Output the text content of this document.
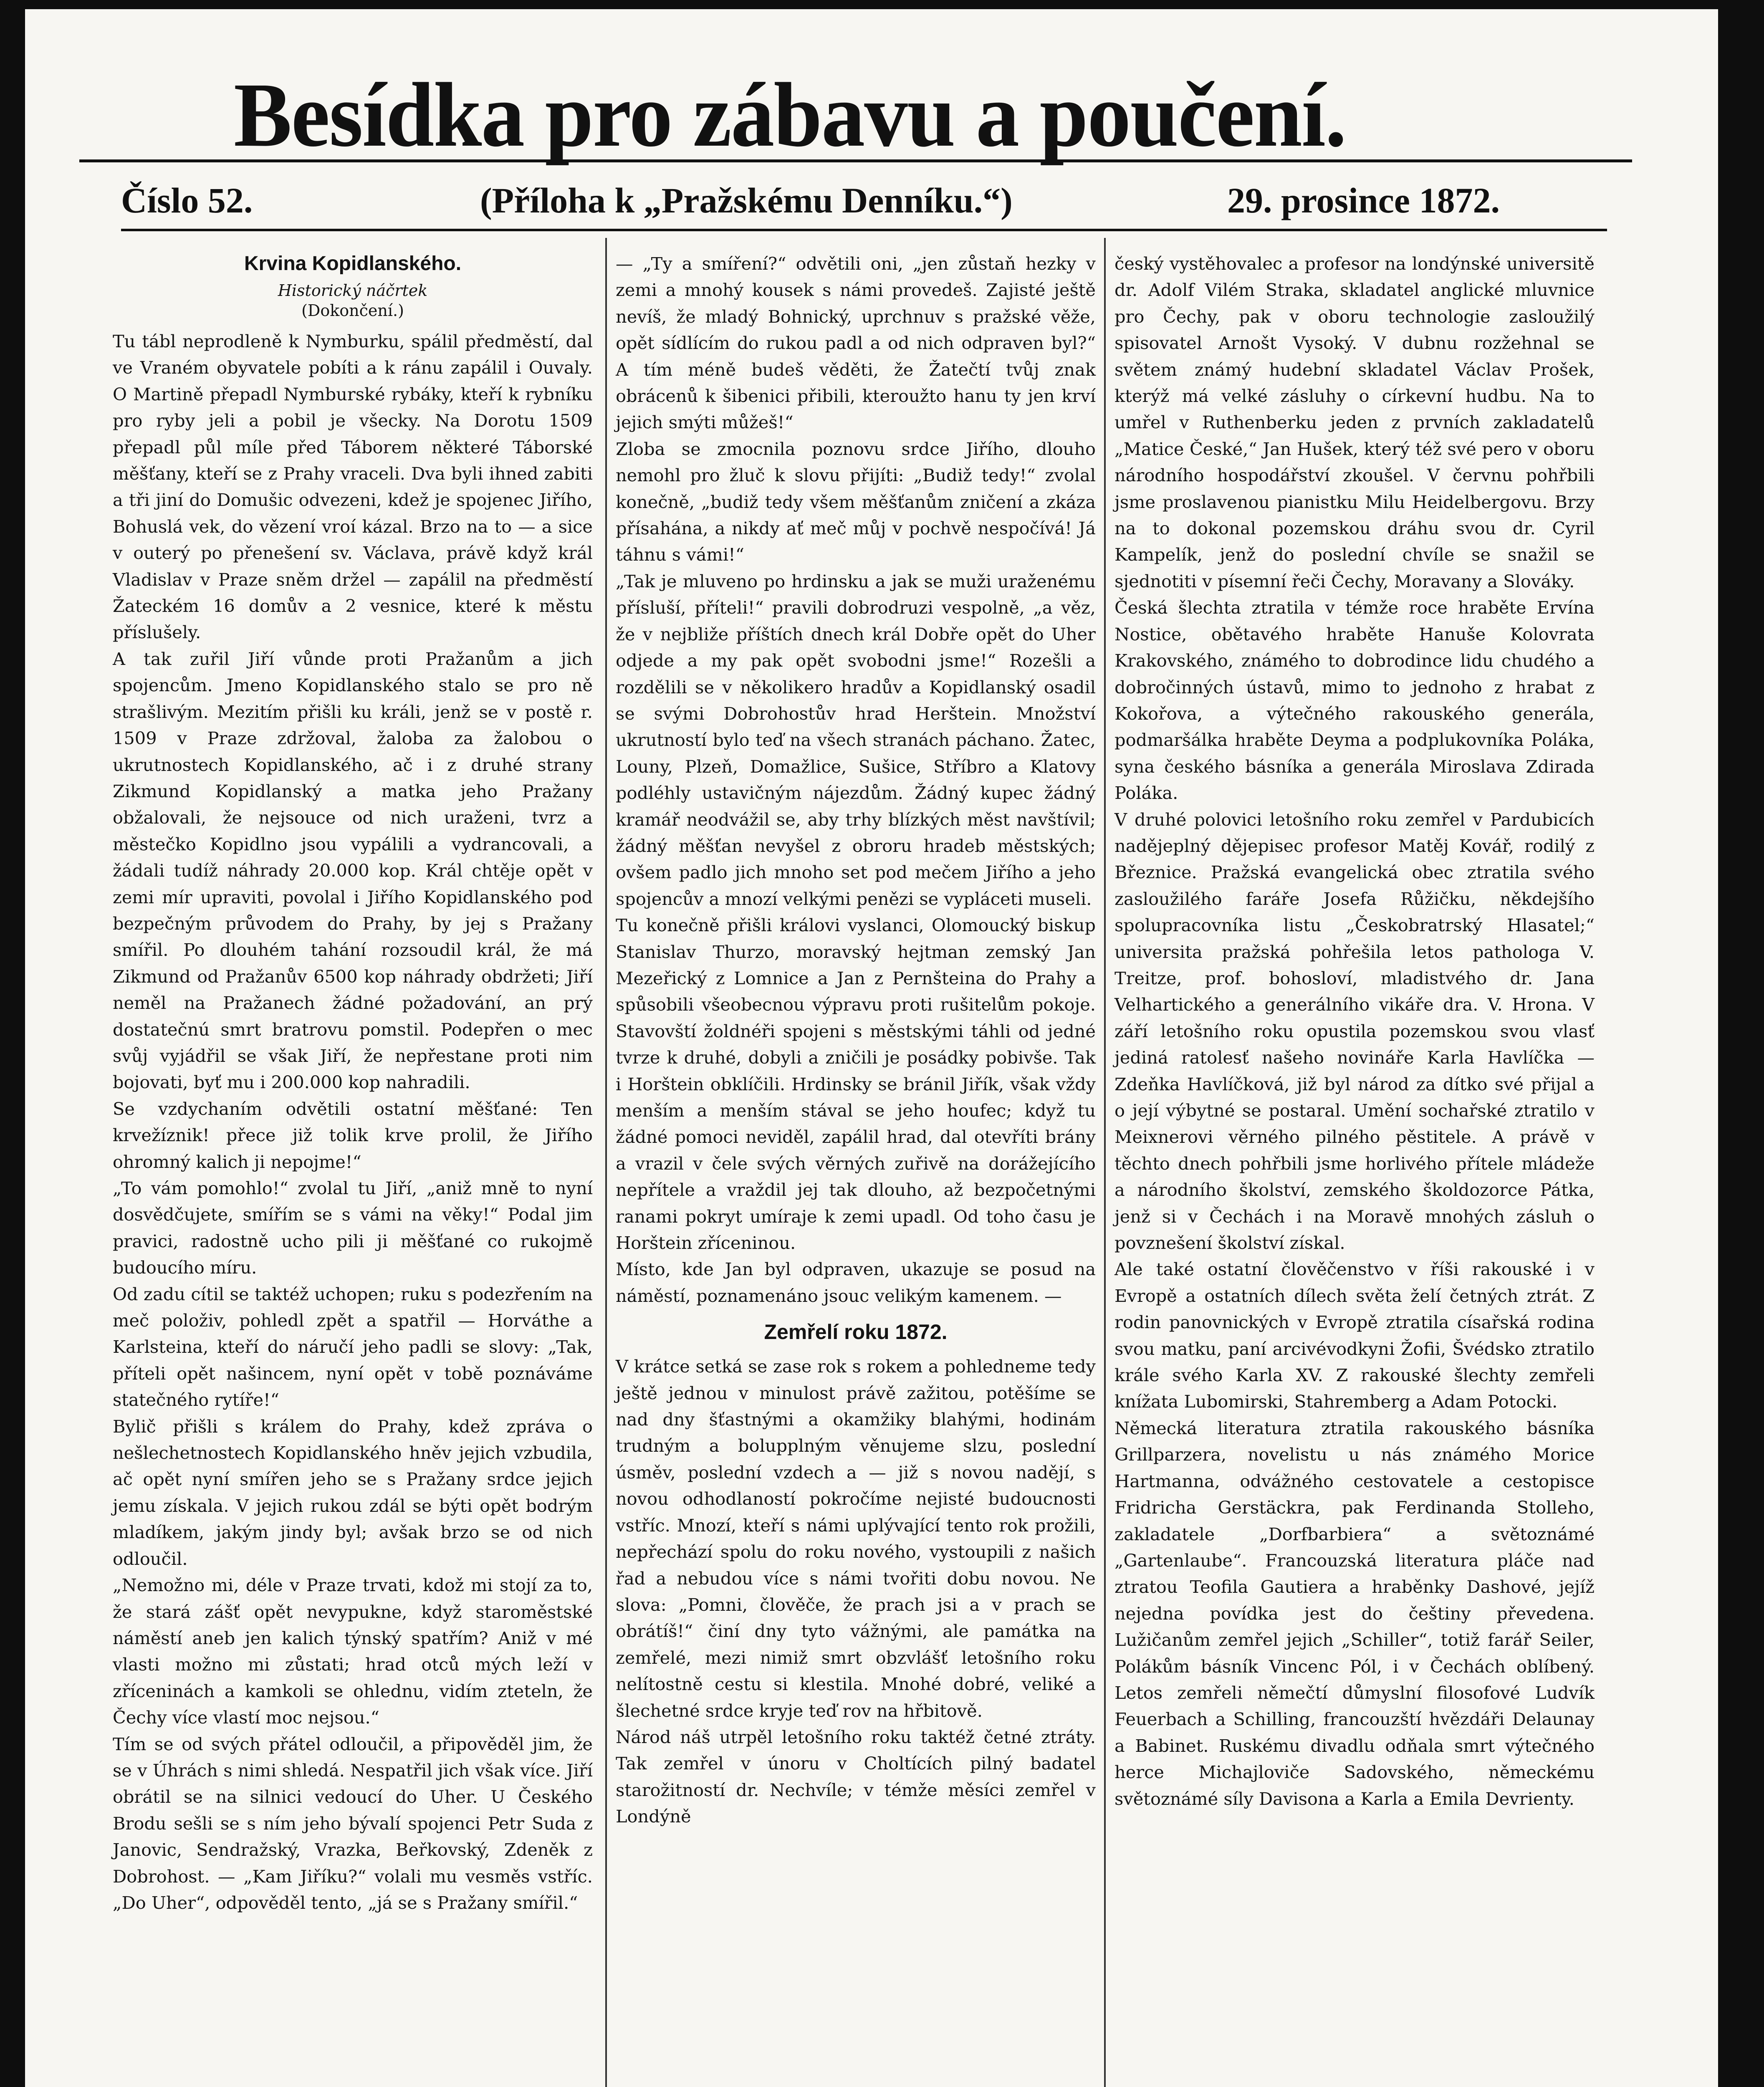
Besídka pro zábavu a poučení.
Číslo 52.	(Příloha k „Pražskému Denníku.“)	29. prosince 1872.
Krvina Kopidlanského.
Historický náčrtek
(Dokončení.)

Tu tábl neprodleně k Nymburku, spálil předměstí, dal ve Vraném obyvatele pobíti a k ránu zapálil i Ouvaly. O Martině přepadl Nymburské rybáky, kteří k rybníku pro ryby jeli a pobil je všecky. Na Dorotu 1509 přepadl půl míle před Táborem některé Táborské měšťany, kteří se z Prahy vraceli. Dva byli ihned zabiti a tři jiní do Domušic odvezeni, kdež je spojenec Jiřího, Bohuslá vek, do vězení vroí kázal. Brzo na to — a sice v outerý po přenešení sv. Václava, právě když král Vladislav v Praze sněm držel — zapálil na předměstí Žateckém 16 domův a 2 vesnice, které k městu příslušely.

A tak zuřil Jiří vůnde proti Pražanům a jich spojencům. Jmeno Kopidlanského stalo se pro ně strašlivým. Mezitím přišli ku králi, jenž se v postě r. 1509 v Praze zdržoval, žaloba za žalobou o ukrutnostech Kopidlanského, ač i z druhé strany Zikmund Kopidlanský a matka jeho Pražany obžalovali, že nejsouce od nich uraženi, tvrz a městečko Kopidlno jsou vypálili a vydrancovali, a žádali tudíž náhrady 20.000 kop. Král chtěje opět v zemi mír upraviti, povolal i Jiřího Kopidlanského pod bezpečným průvodem do Prahy, by jej s Pražany smířil. Po dlouhém tahání rozsoudil král, že má Zikmund od Pražanův 6500 kop náhrady obdržeti; Jiří neměl na Pražanech žádné požadování, an prý dostatečnú smrt bratrovu pomstil. Podepřen o mec svůj vyjádřil se však Jiří, že nepřestane proti nim bojovati, byť mu i 200.000 kop nahradili.

Se vzdychaním odvětili ostatní měšťané: Ten krvežíznik! přece již tolik krve prolil, že Jiřího ohromný kalich ji nepojme!“

„To vám pomohlo!“ zvolal tu Jiří, „aniž mně to nyní dosvědčujete, smířím se s vámi na věky!“ Podal jim pravici, radostně ucho pili ji měšťané co rukojmě budoucího míru.

Od zadu cítil se taktéž uchopen; ruku s podezřením na meč položiv, pohledl zpět a spatřil — Horváthe a Karlsteina, kteří do náručí jeho padli se slovy: „Tak, příteli opět našincem, nyní opět v tobě poznáváme statečného rytíře!“

Bylič přišli s králem do Prahy, kdež zpráva o nešlechetnostech Kopidlanského hněv jejich vzbudila, ač opět nyní smířen jeho se s Pražany srdce jejich jemu získala. V jejich rukou zdál se býti opět bodrým mladíkem, jakým jindy byl; avšak brzo se od nich odloučil.

„Nemožno mi, déle v Praze trvati, kdož mi stojí za to, že stará zášť opět nevypukne, když staroměstské náměstí aneb jen kalich týnský spatřím? Aniž v mé vlasti možno mi zůstati; hrad otců mých leží v zříceninách a kamkoli se ohlednu, vidím zteteln, že Čechy více vlastí moc nejsou.“

Tím se od svých přátel odloučil, a připověděl jim, že se v Úhrách s nimi shledá. Nespatřil jich však více. Jiří obrátil se na silnici vedoucí do Uher. U Českého Brodu sešli se s ním jeho bývalí spojenci Petr Suda z Janovic, Sendražský, Vrazka, Beřkovský, Zdeněk z Dobrohost. — „Kam Jiříku?“ volali mu vesměs vstříc. „Do Uher“, odpověděl tento, „já se s Pražany smířil.“

— „Ty a smíření?“ odvětili oni, „jen zůstaň hezky v zemi a mnohý kousek s námi provedeš. Zajisté ještě nevíš, že mladý Bohnický, uprchnuv s pražské věže, opět sídlícím do rukou padl a od nich odpraven byl?“ A tím méně budeš věděti, že Žatečtí tvůj znak obrácenů k šibenici přibili, kteroužto hanu ty jen krví jejich smýti můžeš!“

Zloba se zmocnila poznovu srdce Jiřího, dlouho nemohl pro žluč k slovu přijíti: „Budiž tedy!“ zvolal konečně, „budiž tedy všem měšťanům zničení a zkáza přísahána, a nikdy ať meč můj v pochvě nespočívá! Já táhnu s vámi!“

„Tak je mluveno po hrdinsku a jak se muži uraženému přísluší, příteli!“ pravili dobrodruzi vespolně, „a věz, že v nejbliže příštích dnech král Dobře opět do Uher odjede a my pak opět svobodni jsme!“ Rozešli a rozdělili se v několikero hradův a Kopidlanský osadil se svými Dobrohostův hrad Herštein. Množství ukrutností bylo teď na všech stranách páchano. Žatec, Louny, Plzeň, Domažlice, Sušice, Stříbro a Klatovy podléhly ustavičným nájezdům. Žádný kupec žádný kramář neodvážil se, aby trhy blízkých měst navštívil; žádný měšťan nevyšel z obroru hradeb městských; ovšem padlo jich mnoho set pod mečem Jiřího a jeho spojencův a mnozí velkými penězi se vypláceti museli.

Tu konečně přišli královi vyslanci, Olomoucký biskup Stanislav Thurzo, moravský hejtman zemský Jan Mezeřický z Lomnice a Jan z Pernšteina do Prahy a spůsobili všeobecnou výpravu proti rušitelům pokoje. Stavovští žoldnéři spojeni s městskými táhli od jedné tvrze k druhé, dobyli a zničili je posádky pobivše. Tak i Horštein obklíčili. Hrdinsky se bránil Jiřík, však vždy menším a menším stával se jeho houfec; když tu žádné pomoci neviděl, zapálil hrad, dal otevříti brány a vrazil v čele svých věrných zuřivě na dorážejícího nepřítele a vraždil jej tak dlouho, až bezpočetnými ranami pokryt umíraje k zemi upadl. Od toho času je Horštein zříceninou.

Místo, kde Jan byl odpraven, ukazuje se posud na náměstí, poznamenáno jsouc velikým kamenem. —

Zemřelí roku 1872.

V krátce setká se zase rok s rokem a pohledneme tedy ještě jednou v minulost právě zažitou, potěšíme se nad dny šťastnými a okamžiky blahými, hodinám trudným a bolupplným věnujeme slzu, poslední úsměv, poslední vzdech a — již s novou nadějí, s novou odhodlaností pokročíme nejisté budoucnosti vstříc. Mnozí, kteří s námi uplývající tento rok prožili, nepřechází spolu do roku nového, vystoupili z našich řad a nebudou více s námi tvořiti dobu novou. Ne slova: „Pomni, člověče, že prach jsi a v prach se obrátíš!“ činí dny tyto vážnými, ale památka na zemřelé, mezi nimiž smrt obzvlášť letošního roku nelítostně cestu si klestila. Mnohé dobré, veliké a šlechetné srdce kryje teď rov na hřbitově.

Národ náš utrpěl letošního roku taktéž četné ztráty. Tak zemřel v únoru v Choltících pilný badatel starožitností dr. Nechvíle; v témže měsíci zemřel v Londýně

český vystěhovalec a profesor na londýnské universitě dr. Adolf Vilém Straka, skladatel anglické mluvnice pro Čechy, pak v oboru technologie zasloužilý spisovatel Arnošt Vysoký. V dubnu rozžehnal se světem známý hudební skladatel Václav Prošek, kterýž má velké zásluhy o církevní hudbu. Na to umřel v Ruthenberku jeden z prvních zakladatelů „Matice České,“ Jan Hušek, který též své pero v oboru národního hospodářství zkoušel. V červnu pohřbili jsme proslavenou pianistku Milu Heidelbergovu. Brzy na to dokonal pozemskou dráhu svou dr. Cyril Kampelík, jenž do poslední chvíle se snažil se sjednotiti v písemní řeči Čechy, Moravany a Slováky.

Česká šlechta ztratila v témže roce hraběte Ervína Nostice, obětavého hraběte Hanuše Kolovrata Krakovského, známého to dobrodince lidu chudého a dobročinných ústavů, mimo to jednoho z hrabat z Kokořova, a výtečného rakouského generála, podmaršálka hraběte Deyma a podplukovníka Poláka, syna českého básníka a generála Miroslava Zdirada Poláka.

V druhé polovici letošního roku zemřel v Pardubicích nadějeplný dějepisec profesor Matěj Kovář, rodilý z Březnice. Pražská evangelická obec ztratila svého zasloužilého faráře Josefa Růžičku, někdejšího spolupracovníka listu „Českobratrský Hlasatel;“ universita pražská pohřešila letos pathologa V. Treitze, prof. bohosloví, mladistvého dr. Jana Velhartického a generálního vikáře dra. V. Hrona. V září letošního roku opustila pozemskou svou vlasť jediná ratolesť našeho novináře Karla Havlíčka — Zdeňka Havlíčková, již byl národ za dítko své přijal a o její výbytné se postaral. Umění sochařské ztratilo v Meixnerovi věrného pilného pěstitele. A právě v těchto dnech pohřbili jsme horlivého přítele mládeže a národního školství, zemského školdozorce Pátka, jenž si v Čechách i na Moravě mnohých zásluh o povznešení školství získal.

Ale také ostatní člověčenstvo v říši rakouské i v Evropě a ostatních dílech světa želí četných ztrát. Z rodin panovnických v Evropě ztratila císařská rodina svou matku, paní arcivévodkyni Žofii, Švédsko ztratilo krále svého Karla XV. Z rakouské šlechty zemřeli knížata Lubomirski, Stahremberg a Adam Potocki.

Německá literatura ztratila rakouského básníka Grillparzera, novelistu u nás známého Morice Hartmanna, odvážného cestovatele a cestopisce Fridricha Gerstäckra, pak Ferdinanda Stolleho, zakladatele „Dorfbarbiera“ a světoznámé „Gartenlaube“. Francouzská literatura pláče nad ztratou Teofila Gautiera a hraběnky Dashové, jejíž nejedna povídka jest do češtiny převedena. Lužičanům zemřel jejich „Schiller“, totiž farář Seiler, Polákům básník Vincenc Pól, i v Čechách oblíbený. Letos zemřeli němečtí důmyslní filosofové Ludvík Feuerbach a Schilling, francouzští hvězdáři Delaunay a Babinet. Ruskému divadlu odňala smrt výtečného herce Michajloviče Sadovského, německému světoznámé síly Davisona a Karla a Emila Devrienty.
